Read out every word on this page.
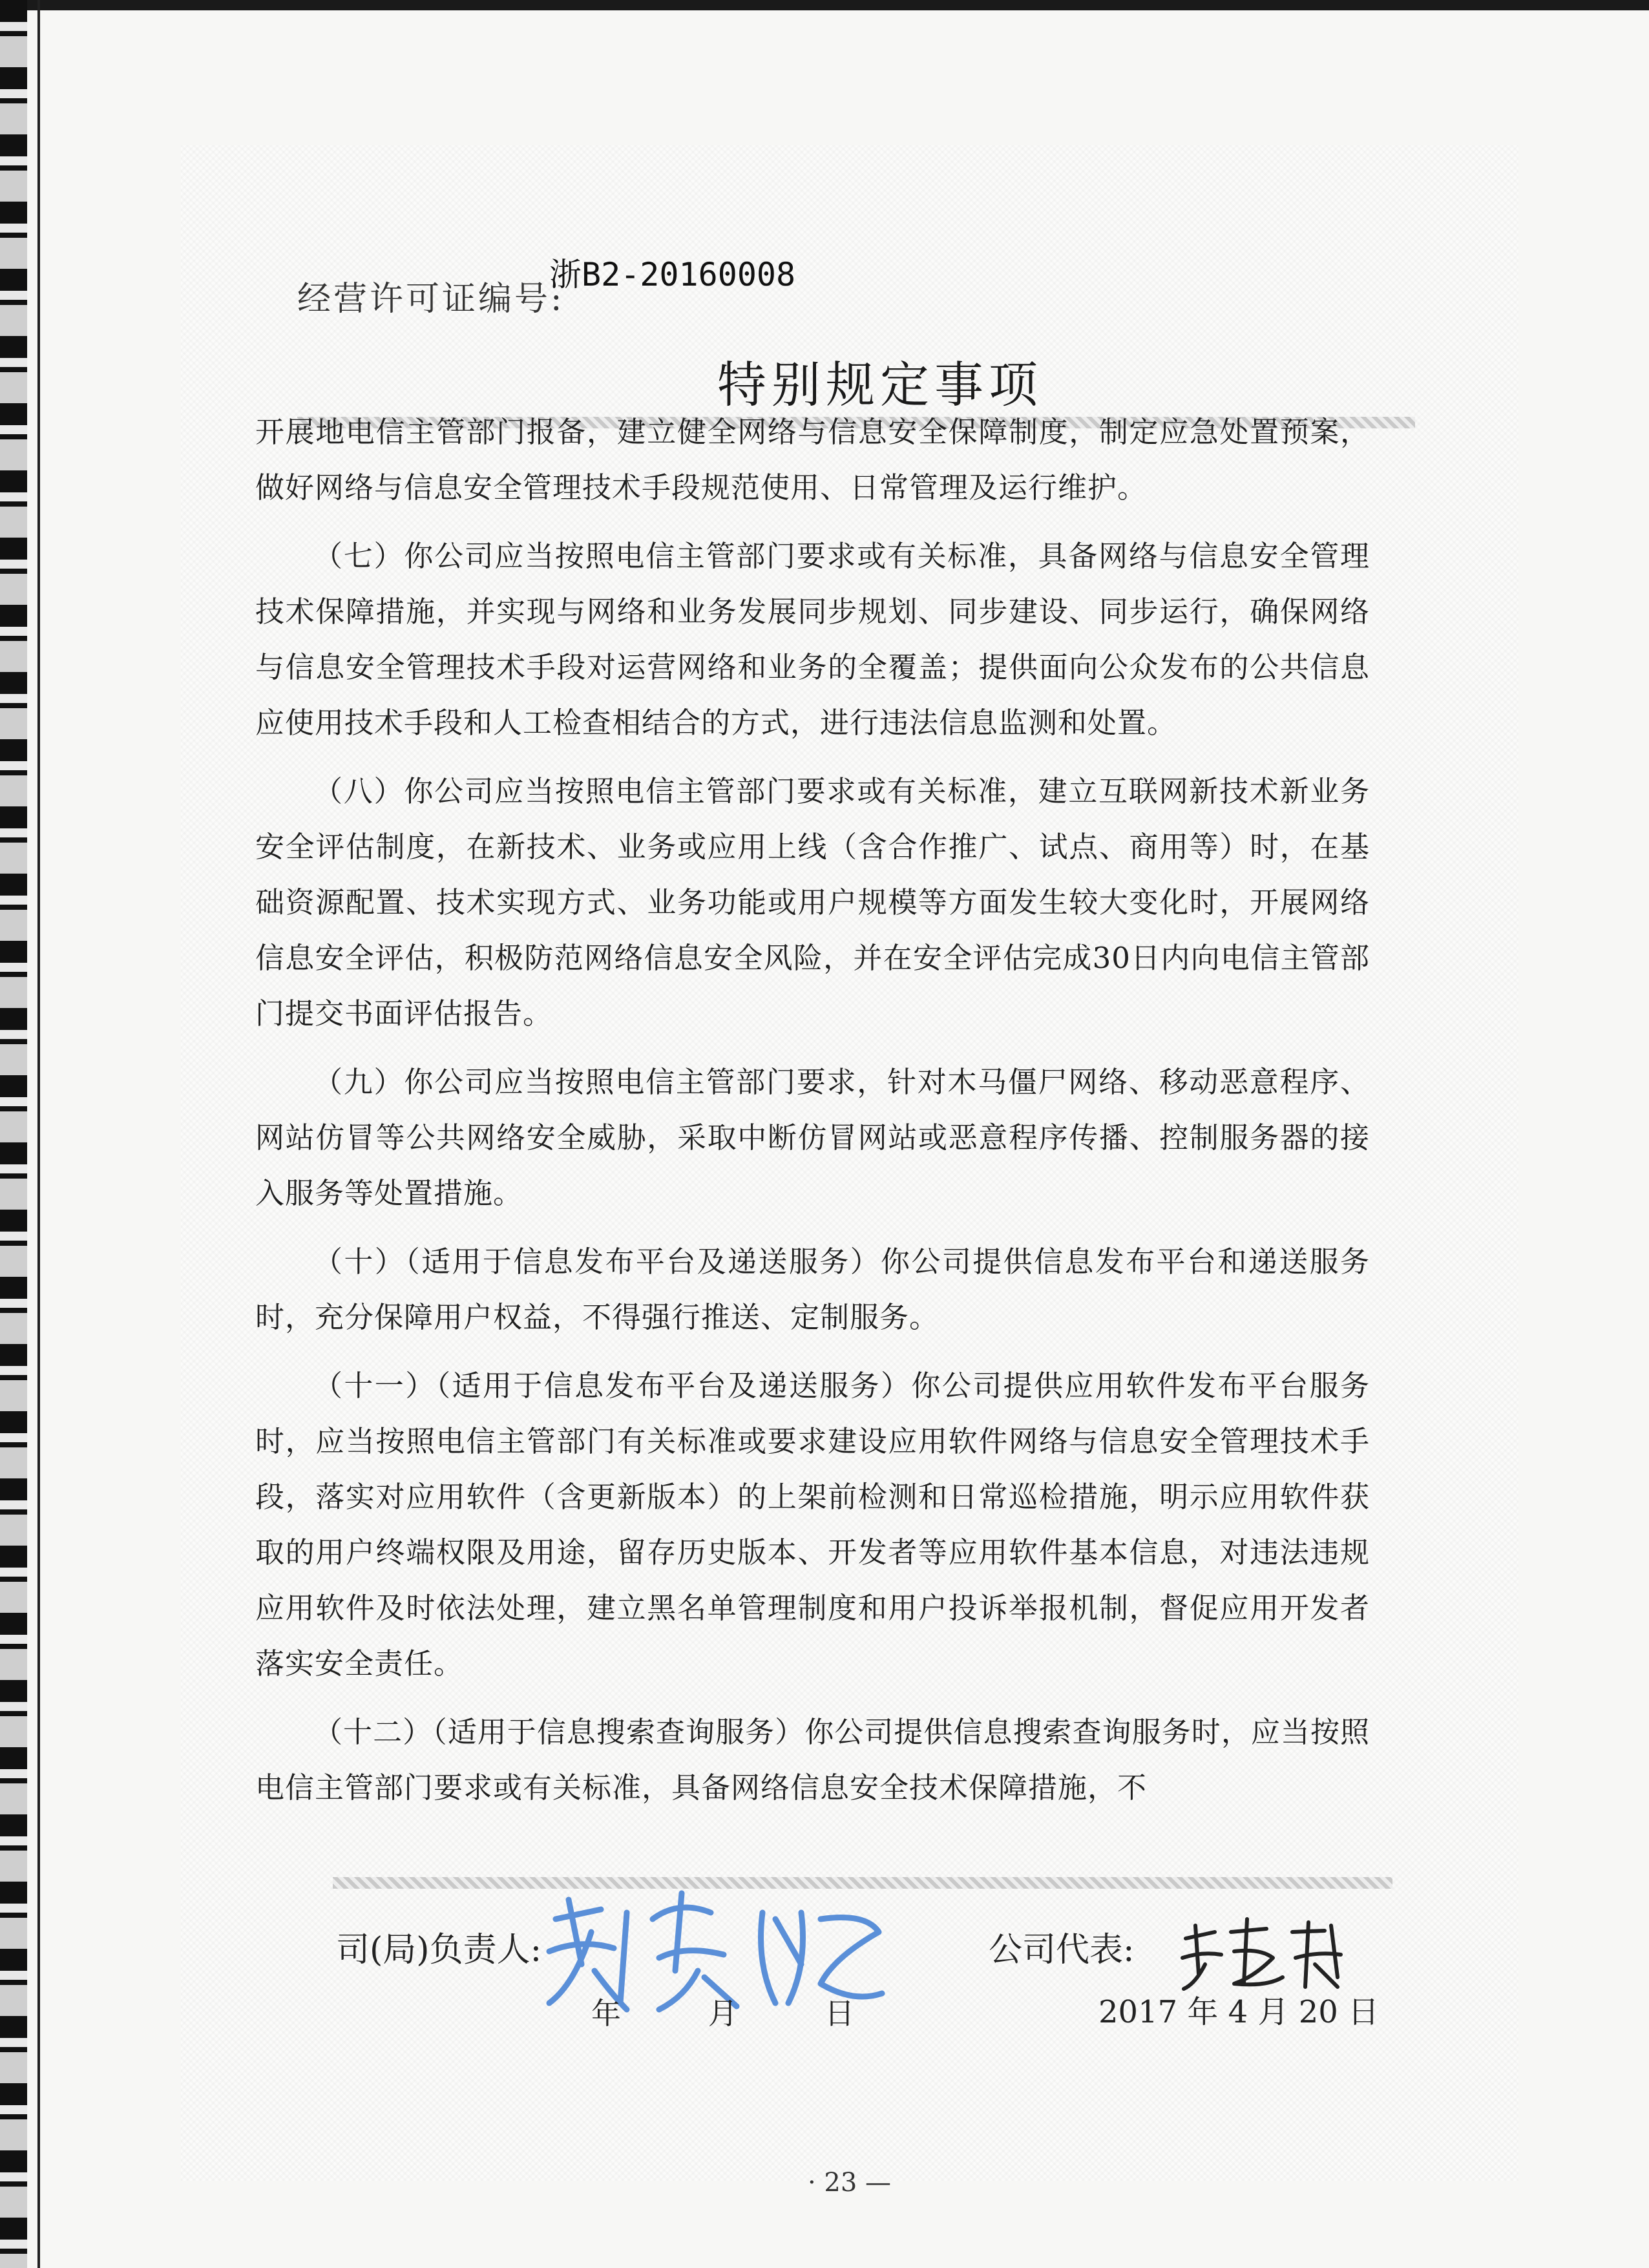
经营许可证编号:
浙B2-20160008
特别规定事项

开展地电信主管部门报备，建立健全网络与信息安全保障制度，制定应急处置预案，做好网络与信息安全管理技术手段规范使用、日常管理及运行维护。

（七）你公司应当按照电信主管部门要求或有关标准，具备网络与信息安全管理技术保障措施，并实现与网络和业务发展同步规划、同步建设、同步运行，确保网络与信息安全管理技术手段对运营网络和业务的全覆盖；提供面向公众发布的公共信息应使用技术手段和人工检查相结合的方式，进行违法信息监测和处置。

（八）你公司应当按照电信主管部门要求或有关标准，建立互联网新技术新业务安全评估制度，在新技术、业务或应用上线（含合作推广、试点、商用等）时，在基础资源配置、技术实现方式、业务功能或用户规模等方面发生较大变化时，开展网络信息安全评估，积极防范网络信息安全风险，并在安全评估完成30日内向电信主管部门提交书面评估报告。

（九）你公司应当按照电信主管部门要求，针对木马僵尸网络、移动恶意程序、网站仿冒等公共网络安全威胁，采取中断仿冒网站或恶意程序传播、控制服务器的接入服务等处置措施。

（十）（适用于信息发布平台及递送服务）你公司提供信息发布平台和递送服务时，充分保障用户权益，不得强行推送、定制服务。

（十一）（适用于信息发布平台及递送服务）你公司提供应用软件发布平台服务时，应当按照电信主管部门有关标准或要求建设应用软件网络与信息安全管理技术手段，落实对应用软件（含更新版本）的上架前检测和日常巡检措施，明示应用软件获取的用户终端权限及用途，留存历史版本、开发者等应用软件基本信息，对违法违规应用软件及时依法处理，建立黑名单管理制度和用户投诉举报机制，督促应用开发者落实安全责任。

（十二）（适用于信息搜索查询服务）你公司提供信息搜索查询服务时，应当按照电信主管部门要求或有关标准，具备网络信息安全技术保障措施，不

司(局)负责人:	公司代表:
年 月 日	2017 年 4 月 20 日
· 23 —
